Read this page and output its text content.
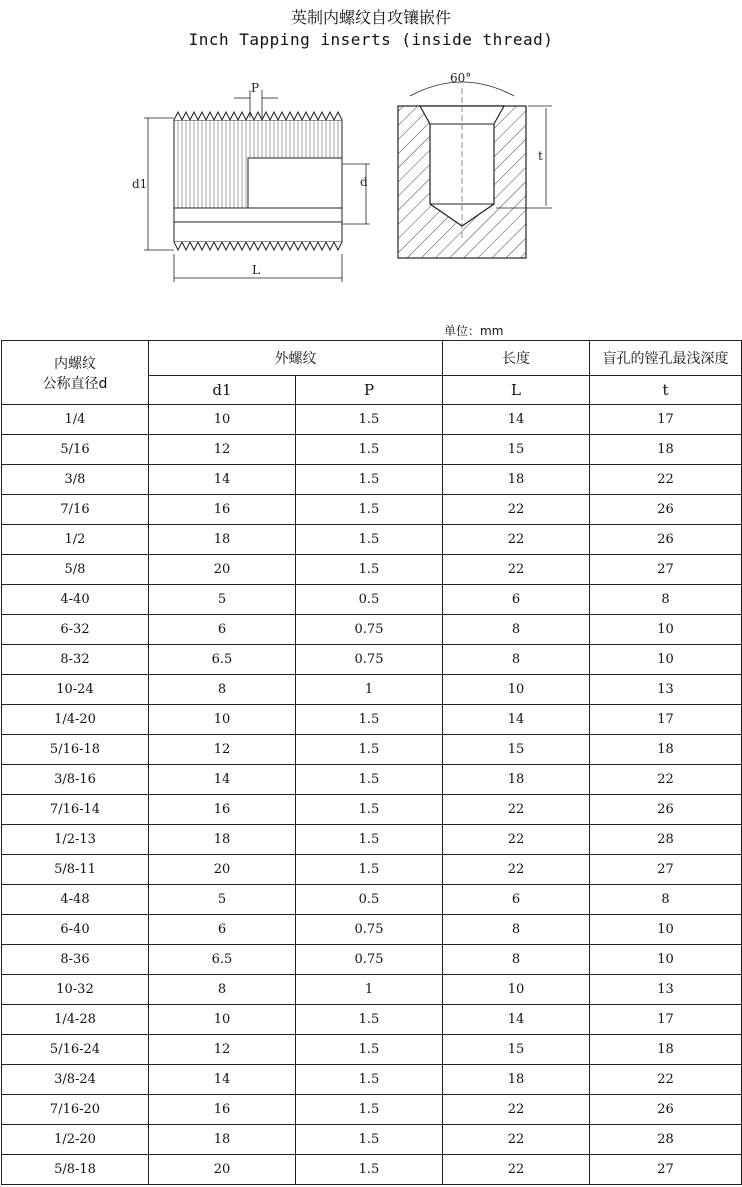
英制内螺纹自攻镶嵌件
Inch Tapping inserts (inside thread)
P
d1	d
L
60°
t
单位：mm
内螺纹
公称直径d	外螺纹		长度	盲孔的镗孔最浅深度
	d1	P	L	t
1/4	10	1.5	14	17
5/16	12	1.5	15	18
3/8	14	1.5	18	22
7/16	16	1.5	22	26
1/2	18	1.5	22	26
5/8	20	1.5	22	27
4-40	5	0.5	6	8
6-32	6	0.75	8	10
8-32	6.5	0.75	8	10
10-24	8	1	10	13
1/4-20	10	1.5	14	17
5/16-18	12	1.5	15	18
3/8-16	14	1.5	18	22
7/16-14	16	1.5	22	26
1/2-13	18	1.5	22	28
5/8-11	20	1.5	22	27
4-48	5	0.5	6	8
6-40	6	0.75	8	10
8-36	6.5	0.75	8	10
10-32	8	1	10	13
1/4-28	10	1.5	14	17
5/16-24	12	1.5	15	18
3/8-24	14	1.5	18	22
7/16-20	16	1.5	22	26
1/2-20	18	1.5	22	28
5/8-18	20	1.5	22	27
